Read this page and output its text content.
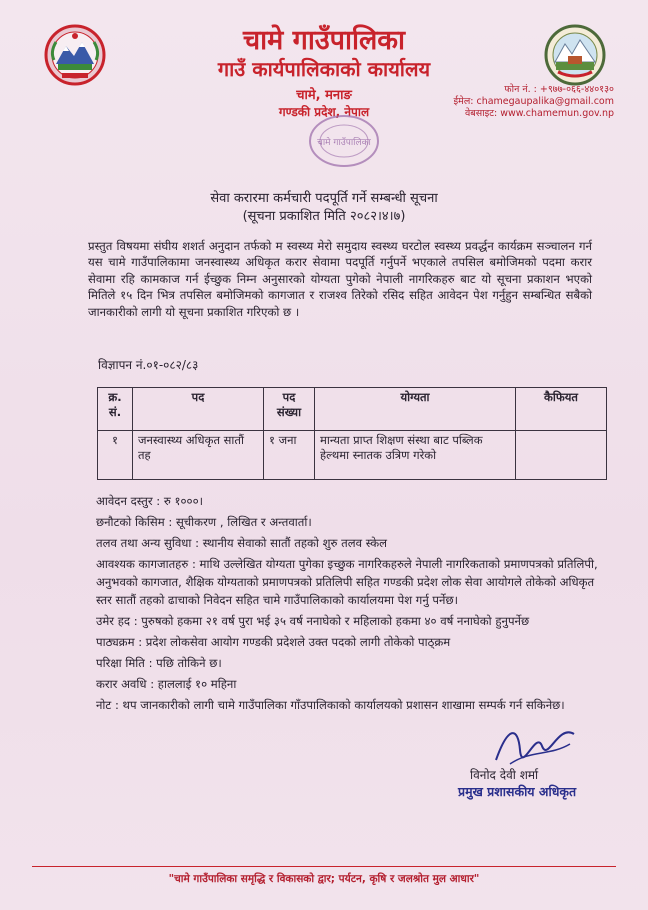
चामे गाउँपालिका
गाउँ कार्यपालिकाको कार्यालय
चामे, मनाङ
गण्डकी प्रदेश, नेपाल
फोन नं. : +९७७-०६६-४४०१३०
ईमेल: chamegaupalika@gmail.com
वेबसाइट: www.chamemun.gov.np
चामे गाउँपालिका
सेवा करारमा कर्मचारी पदपूर्ति गर्ने सम्बन्धी सूचना
(सूचना प्रकाशित मिति २०८२।४।७)
प्रस्तुत विषयमा संघीय शशर्त अनुदान तर्फको म स्वस्थ्य मेरो समुदाय स्वस्थ्य घरटोल स्वस्थ्य प्रवर्द्धन कार्यक्रम सञ्चालन गर्न यस चामे गाउँपालिकामा जनस्वास्थ्य अधिकृत करार सेवामा पदपूर्ति गर्नुपर्ने भएकाले तपसिल बमोजिमको पदमा करार सेवामा रहि कामकाज गर्न ईच्छुक निम्न अनुसारको योग्यता पुगेको नेपाली नागरिकहरु बाट यो सूचना प्रकाशन भएको मितिले १५ दिन भित्र तपसिल बमोजिमको कागजात र राजश्व तिरेको रसिद सहित आवेदन पेश गर्नुहुन सम्बन्धित सबैको जानकारीको लागी यो सूचना प्रकाशित गरिएको छ ।
विज्ञापन नं.०१-०८२/८३
क्र. सं.	पद	पद संख्या	योग्यता	कैफियत
१	जनस्वास्थ्य अधिकृत सातौं तह	१ जना	मान्यता प्राप्त शिक्षण संस्था बाट पब्लिक हेल्थमा स्नातक उत्रिण गरेको	
आवेदन दस्तुर : रु १०००।
छनौटको किसिम : सूचीकरण , लिखित र अन्तवार्ता।
तलव तथा अन्य सुविधा : स्थानीय सेवाको सातौं तहको शुरु तलव स्केल
आवश्यक कागजातहरु : माथि उल्लेखित योग्यता पुगेका इच्छुक नागरिकहरुले नेपाली नागरिकताको प्रमाणपत्रको प्रतिलिपी, अनुभवको कागजात, शैक्षिक योग्यताको प्रमाणपत्रको प्रतिलिपी सहित गण्डकी प्रदेश लोक सेवा आयोगले तोकेको अधिकृत स्तर सातौं तहको ढाचाको निवेदन सहित चामे गाउँपालिकाको कार्यालयमा पेश गर्नु पर्नेछ।
उमेर हद : पुरुषको हकमा २१ वर्ष पुरा भई ३५ वर्ष ननाघेको र महिलाको हकमा ४० वर्ष ननाघेको हुनुपर्नेछ
पाठ्यक्रम : प्रदेश लोकसेवा आयोग गण्डकी प्रदेशले उक्त पदको लागी तोकेको पाठ्क्रम
परिक्षा मिति : पछि तोकिने छ।
करार अवधि : हाललाई १० महिना
नोट : थप जानकारीको लागी चामे गाउँपालिका गाँउपालिकाको कार्यालयको प्रशासन शाखामा सम्पर्क गर्न सकिनेछ।
विनोद देवी शर्मा
प्रमुख प्रशासकीय अधिकृत
"चामे गाउँपालिका समृद्धि र विकासको द्वार; पर्यटन, कृषि र जलश्रोत मुल आधार"
